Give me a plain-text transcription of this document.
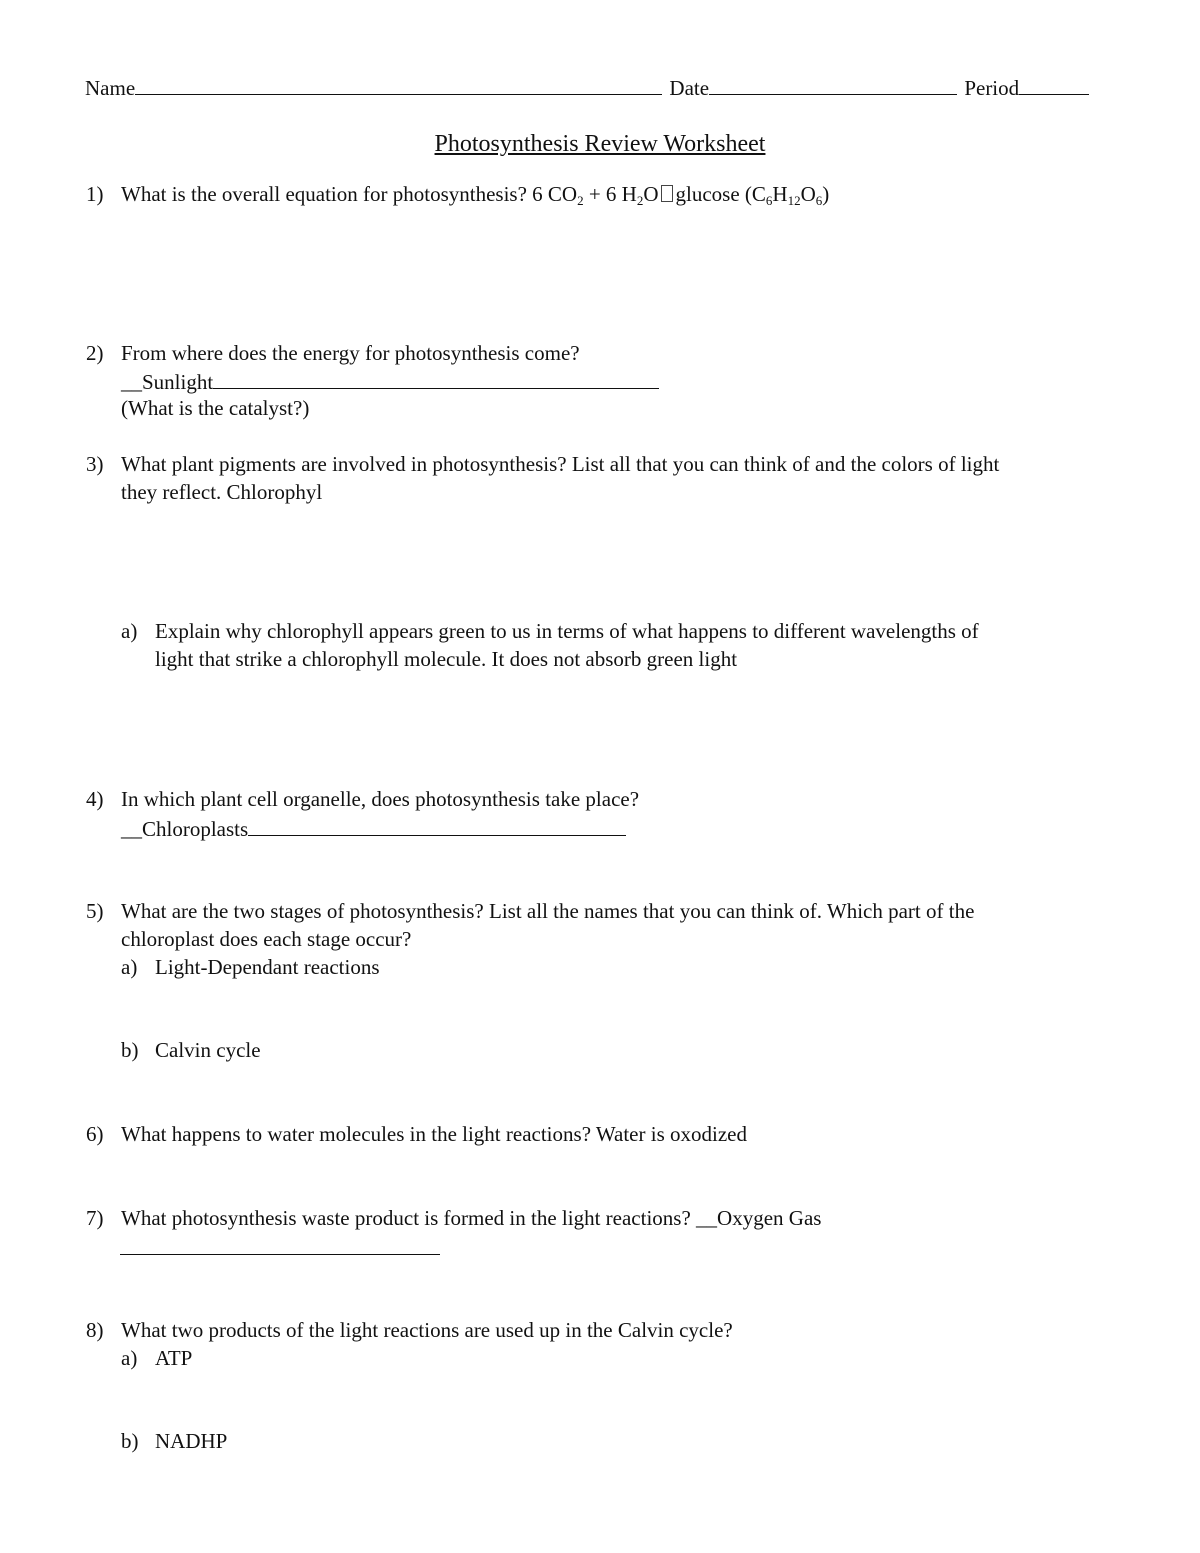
Name	Date	Period
Photosynthesis Review Worksheet
1) What is the overall equation for photosynthesis? 6 $CO_2 + 6$ $H_2O$ glucose $(C_6H_{12}O_6)$
2) From where does the energy for photosynthesis come?
__Sunlight
(What is the catalyst?)
3) What plant pigments are involved in photosynthesis? List all that you can think of and the colors of light
they reflect. Chlorophyl
a) Explain why chlorophyll appears green to us in terms of what happens to different wavelengths of
light that strike a chlorophyll molecule. It does not absorb green light
4) In which plant cell organelle, does photosynthesis take place?
__Chloroplasts
5) What are the two stages of photosynthesis? List all the names that you can think of. Which part of the
chloroplast does each stage occur?
a) Light-Dependant reactions
b) Calvin cycle
6) What happens to water molecules in the light reactions? Water is oxodized
7) What photosynthesis waste product is formed in the light reactions? __Oxygen Gas
8) What two products of the light reactions are used up in the Calvin cycle?
a) ATP
b) NADHP
